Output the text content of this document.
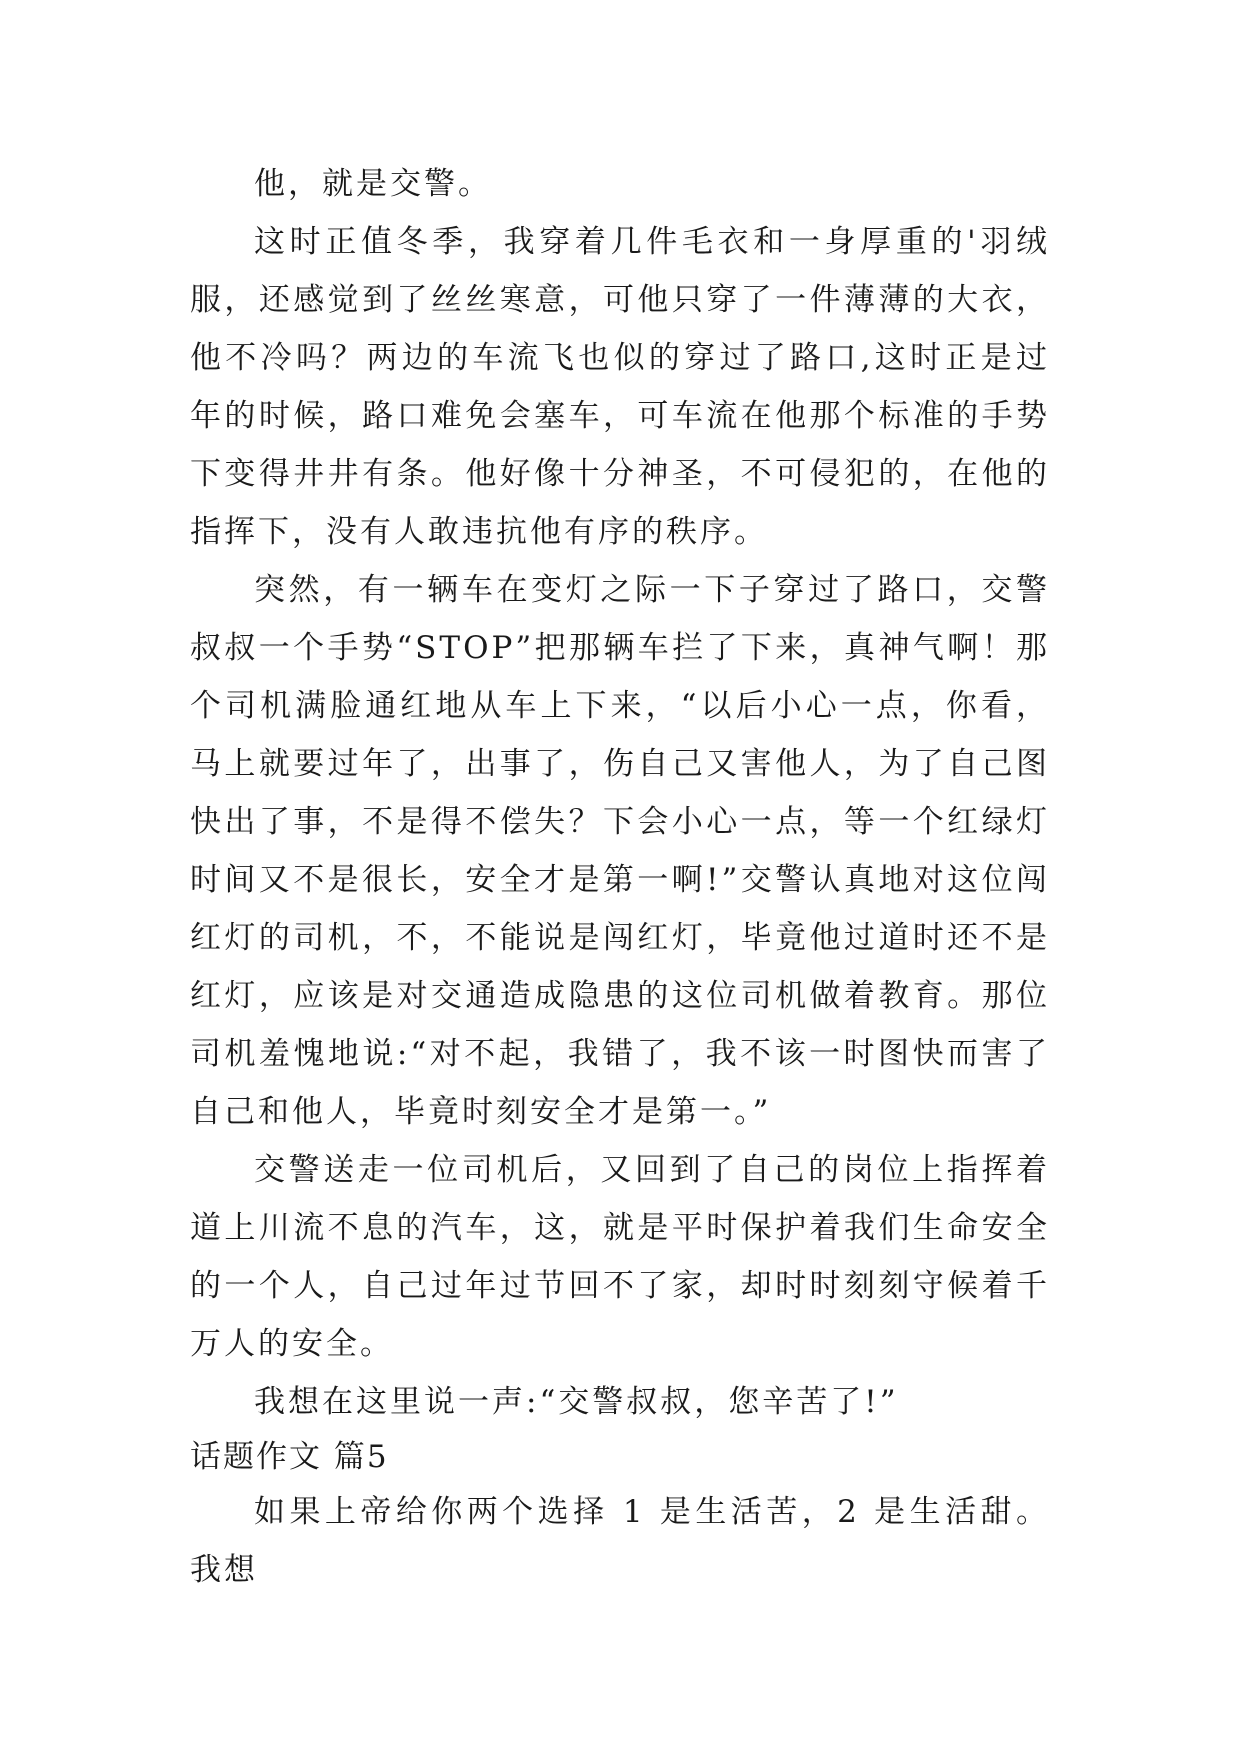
他，就是交警。

这时正值冬季，我穿着几件毛衣和一身厚重的'羽绒服，还感觉到了丝丝寒意，可他只穿了一件薄薄的大衣，他不冷吗？两边的车流飞也似的穿过了路口,这时正是过年的时候，路口难免会塞车，可车流在他那个标准的手势下变得井井有条。他好像十分神圣，不可侵犯的，在他的指挥下，没有人敢违抗他有序的秩序。

突然，有一辆车在变灯之际一下子穿过了路口，交警叔叔一个手势“STOP”把那辆车拦了下来，真神气啊！那个司机满脸通红地从车上下来，“以后小心一点，你看，马上就要过年了，出事了，伤自己又害他人，为了自己图快出了事，不是得不偿失？下会小心一点，等一个红绿灯时间又不是很长，安全才是第一啊!”交警认真地对这位闯红灯的司机，不，不能说是闯红灯，毕竟他过道时还不是红灯，应该是对交通造成隐患的这位司机做着教育。那位司机羞愧地说:“对不起，我错了，我不该一时图快而害了自己和他人，毕竟时刻安全才是第一。”

交警送走一位司机后，又回到了自己的岗位上指挥着道上川流不息的汽车，这，就是平时保护着我们生命安全的一个人，自己过年过节回不了家，却时时刻刻守候着千万人的安全。

我想在这里说一声:“交警叔叔，您辛苦了!”

话题作文 篇5

如果上帝给你两个选择 1 是生活苦，2 是生活甜。我想
